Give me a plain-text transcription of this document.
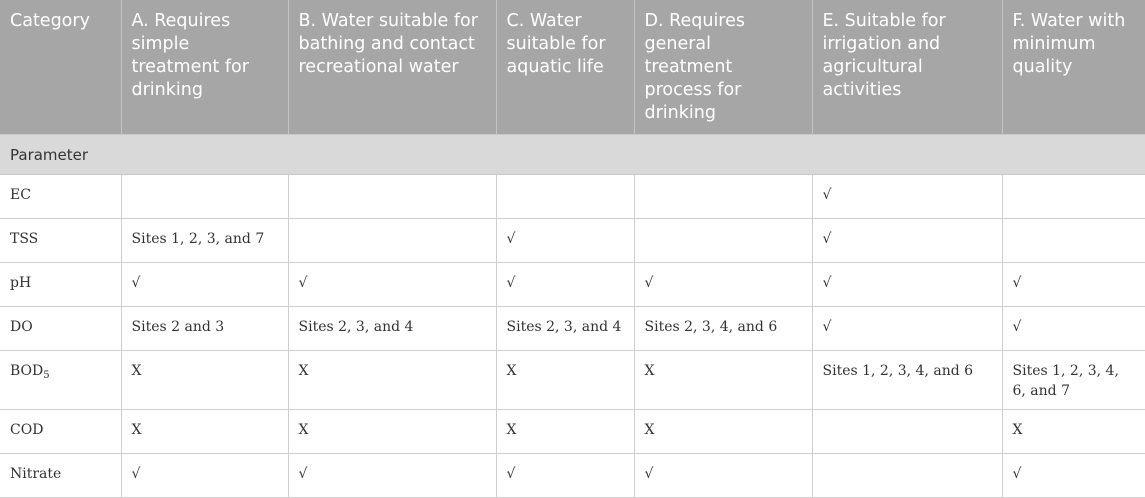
Category	A. Requires simple treatment for drinking	B. Water suitable for bathing and contact recreational water	C. Water suitable for aquatic life	D. Requires general treatment process for drinking	E. Suitable for irrigation and agricultural activities	F. Water with minimum quality
Parameter						
EC					√	
TSS	Sites 1, 2, 3, and 7		√		√	
pH	√	√	√	√	√	√
DO	Sites 2 and 3	Sites 2, 3, and 4	Sites 2, 3, and 4	Sites 2, 3, 4, and 6	√	√
$BOD_5$	X	X	X	X	Sites 1, 2, 3, 4, and 6	Sites 1, 2, 3, 4, 6, and 7
COD	X	X	X	X		X
Nitrate	√	√	√	√		√
